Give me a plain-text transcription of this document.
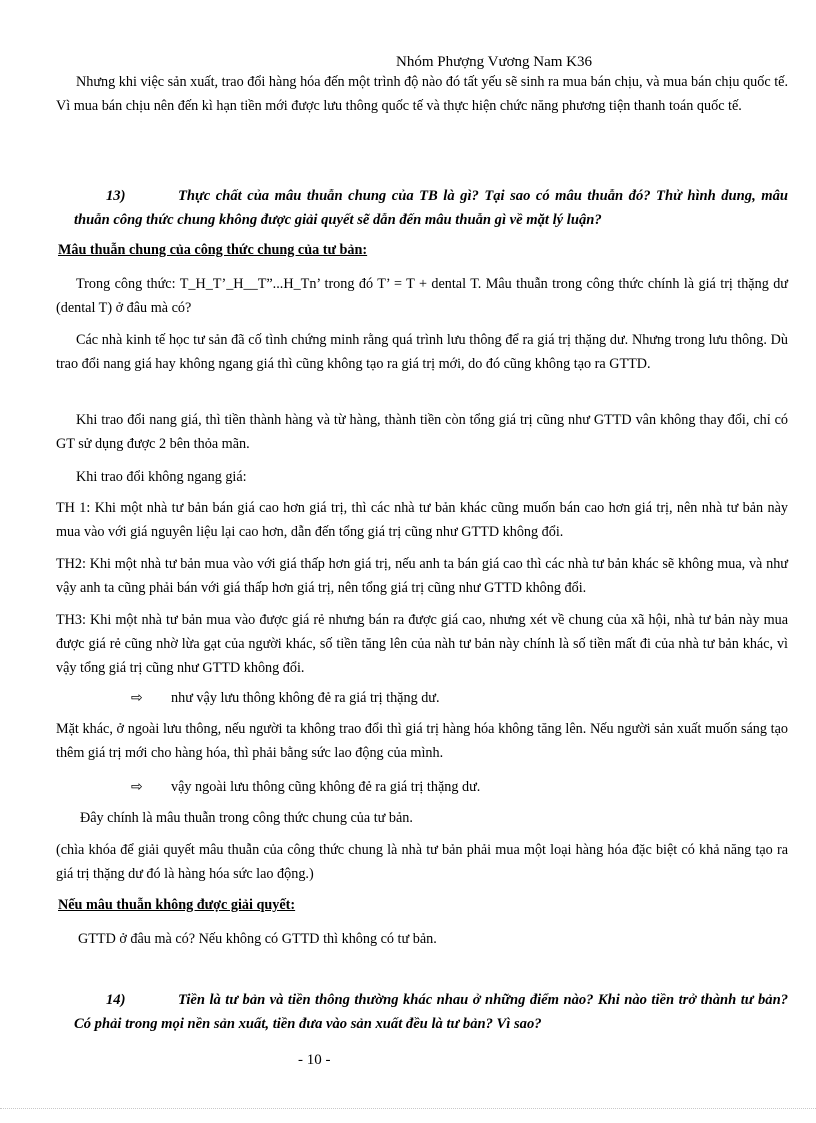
Nhóm Phượng Vương Nam K36

Nhưng khi việc sản xuất, trao đổi hàng hóa đến một trình độ nào đó tất yếu sẽ sinh ra mua bán chịu, và mua bán chịu quốc tế. Vì mua bán chịu nên đến kì hạn tiền mới được lưu thông quốc tế và thực hiện chức năng phương tiện thanh toán quốc tế.

13)	Thực chất của mâu thuẫn chung của TB là gì? Tại sao có mâu thuẫn đó? Thử hình dung, mâu thuẫn công thức chung không được giải quyết sẽ dẫn đến mâu thuẫn gì về mặt lý luận?

Mâu thuẫn chung của công thức chung của tư bản:

Trong công thức: T_H_T’_H__T”...H_Tn’ trong đó T’ = T + dental T. Mâu thuẫn trong công thức chính là giá trị thặng dư (dental T) ở đâu mà có?

Các nhà kinh tế học tư sản đã cố tình chứng minh rằng quá trình lưu thông để ra giá trị thặng dư. Nhưng trong lưu thông. Dù trao đổi nang giá hay không ngang giá thì cũng không tạo ra giá trị mới, do đó cũng không tạo ra GTTD.

Khi trao đổi nang giá, thì tiền thành hàng và từ hàng, thành tiền còn tổng giá trị cũng như GTTD vân không thay đổi, chỉ có GT sử dụng được 2 bên thỏa mãn.

Khi trao đổi không ngang giá:

TH 1: Khi một nhà tư bản bán giá cao hơn giá trị, thì các nhà tư bản khác cũng muốn bán cao hơn giá trị, nên nhà tư bản này mua vào với giá nguyên liệu lại cao hơn, dẫn đến tổng giá trị cũng như GTTD không đổi.

TH2: Khi một nhà tư bản mua vào với giá thấp hơn giá trị, nếu anh ta bán giá cao thì các nhà tư bản khác sẽ không mua, và như vậy anh ta cũng phải bán với giá thấp hơn giá trị, nên tổng giá trị cũng như GTTD không đổi.

TH3: Khi một nhà tư bản mua vào được giá rẻ nhưng bán ra được giá cao, nhưng xét về chung của xã hội, nhà tư bản này mua được giá rẻ cũng nhờ lừa gạt của người khác, số tiền tăng lên của nàh tư bản này chính là số tiền mất đi của nhà tư bản khác, vì vậy tổng giá trị cũng như GTTD không đổi.

⇨ như vậy lưu thông không đẻ ra giá trị thặng dư.

Mặt khác, ở ngoài lưu thông, nếu người ta không trao đổi thì giá trị hàng hóa không tăng lên. Nếu người sản xuất muốn sáng tạo thêm giá trị mới cho hàng hóa, thì phải bằng sức lao động của mình.

⇨ vậy ngoài lưu thông cũng không đẻ ra giá trị thặng dư.

Đây chính là mâu thuẫn trong công thức chung của tư bản.

(chìa khóa để giải quyết mâu thuẫn của công thức chung là nhà tư bản phải mua một loại hàng hóa đặc biệt có khả năng tạo ra giá trị thặng dư đó là hàng hóa sức lao động.)

Nếu mâu thuẫn không được giải quyết:

GTTD ở đâu mà có? Nếu không có GTTD thì không có tư bản.

14)	Tiền là tư bản và tiền thông thường khác nhau ở những điểm nào? Khi nào tiền trở thành tư bản? Có phải trong mọi nền sản xuất, tiền đưa vào sản xuất đều là tư bản? Vì sao?

- 10 -
